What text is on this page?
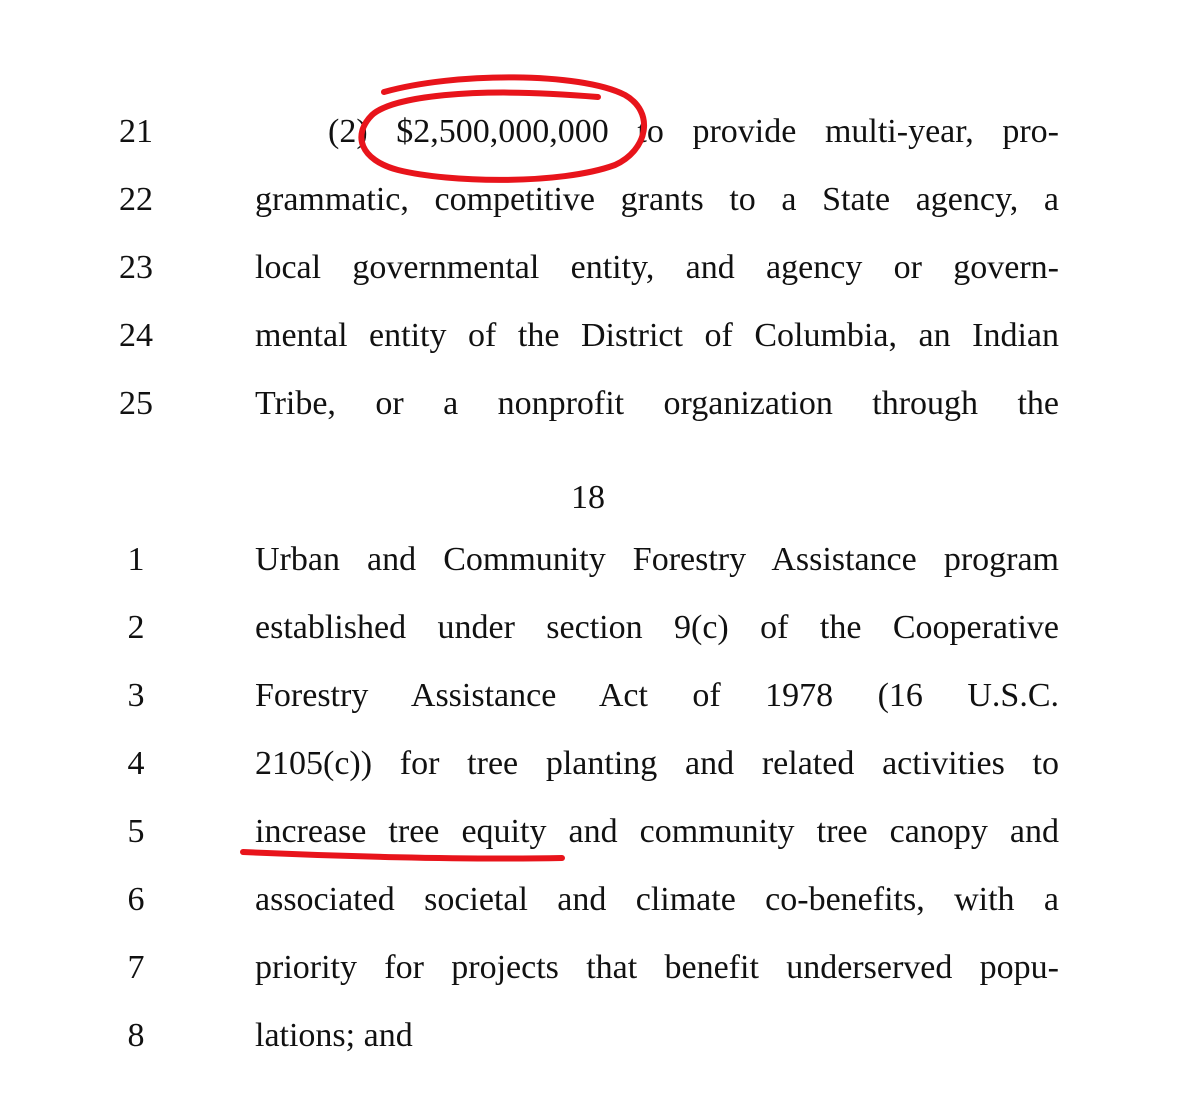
21	(2) $2,500,000,000 to provide multi-year, pro-
22	grammatic, competitive grants to a State agency, a
23	local governmental entity, and agency or govern-
24	mental entity of the District of Columbia, an Indian
25	Tribe, or a nonprofit organization through the
18
1	Urban and Community Forestry Assistance program
2	established under section 9(c) of the Cooperative
3	Forestry Assistance Act of 1978 (16 U.S.C.
4	2105(c)) for tree planting and related activities to
5	increase tree equity and community tree canopy and
6	associated societal and climate co-benefits, with a
7	priority for projects that benefit underserved popu-
8	lations; and
